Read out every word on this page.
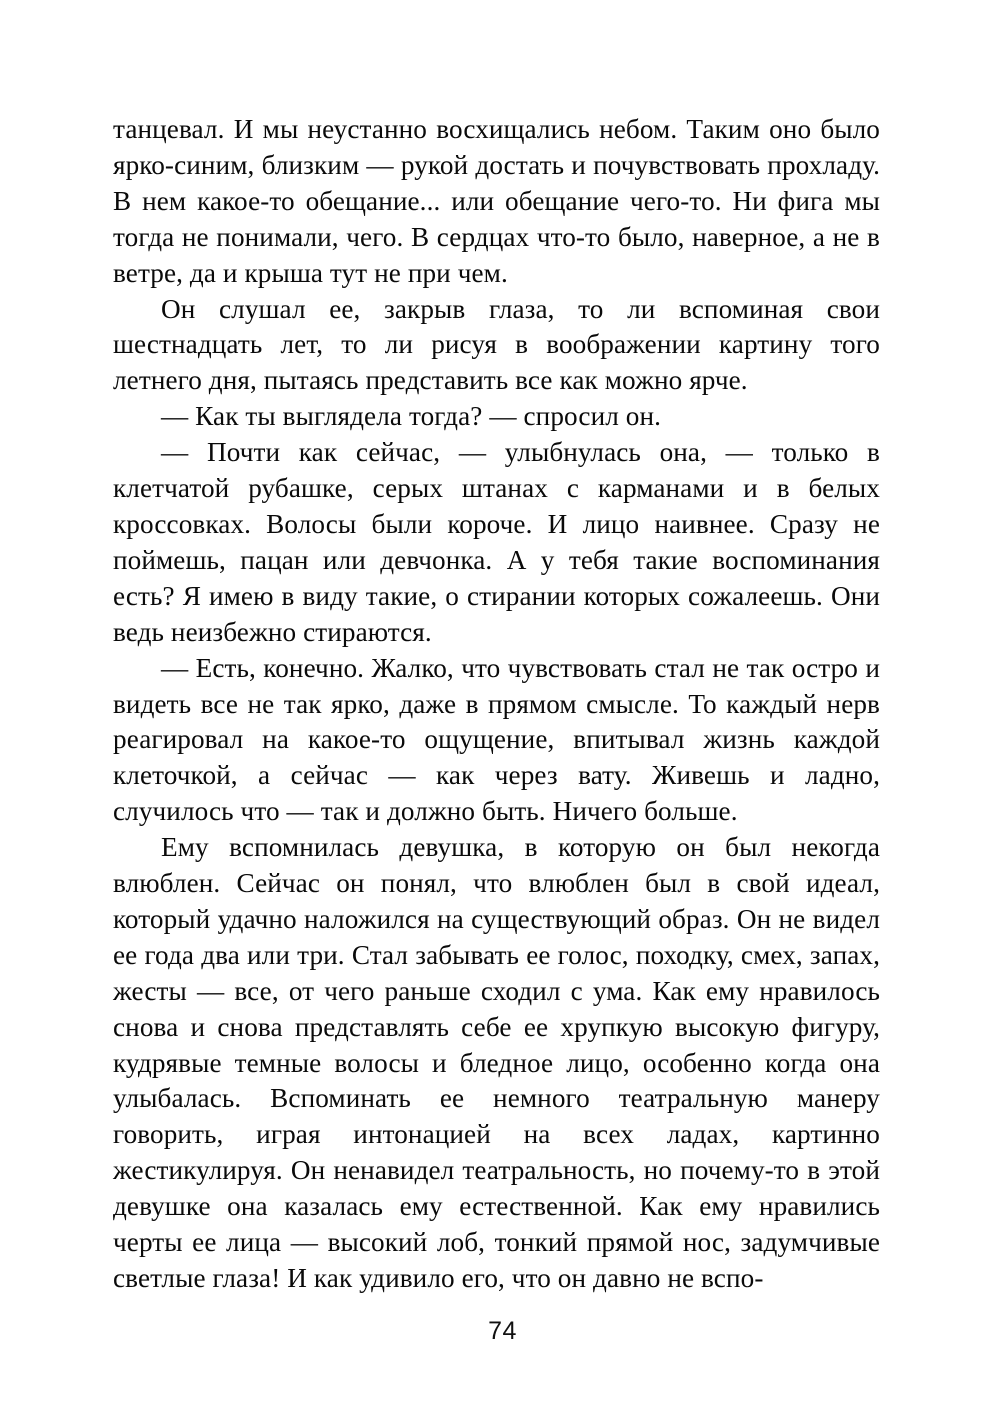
танцевал. И мы неустанно восхищались небом. Таким оно было ярко-синим, близким — рукой достать и почувствовать прохладу. В нем какое-то обещание... или обещание чего-то. Ни фига мы тогда не понимали, чего. В сердцах что-то было, наверное, а не в ветре, да и крыша тут не при чем.

Он слушал ее, закрыв глаза, то ли вспоминая свои шестнадцать лет, то ли рисуя в воображении картину того летнего дня, пытаясь представить все как можно ярче.

— Как ты выглядела тогда? — спросил он.

— Почти как сейчас, — улыбнулась она, — только в клетчатой рубашке, серых штанах с карманами и в белых кроссовках. Волосы были короче. И лицо наивнее. Сразу не поймешь, пацан или девчонка. А у тебя такие воспоминания есть? Я имею в виду такие, о стирании которых сожалеешь. Они ведь неизбежно стираются.

— Есть, конечно. Жалко, что чувствовать стал не так остро и видеть все не так ярко, даже в прямом смысле. То каждый нерв реагировал на какое-то ощущение, впитывал жизнь каждой клеточкой, а сейчас — как через вату. Живешь и ладно, случилось что — так и должно быть. Ничего больше.

Ему вспомнилась девушка, в которую он был некогда влюблен. Сейчас он понял, что влюблен был в свой идеал, который удачно наложился на существующий образ. Он не видел ее года два или три. Стал забывать ее голос, походку, смех, запах, жесты — все, от чего раньше сходил с ума. Как ему нравилось снова и снова представлять себе ее хрупкую высокую фигуру, кудрявые темные волосы и бледное лицо, особенно когда она улыбалась. Вспоминать ее немного театральную манеру говорить, играя интонацией на всех ладах, картинно жестикулируя. Он ненавидел театральность, но почему-то в этой девушке она казалась ему естественной. Как ему нравились черты ее лица — высокий лоб, тонкий прямой нос, задумчивые светлые глаза! И как удивило его, что он давно не вспо-

74
